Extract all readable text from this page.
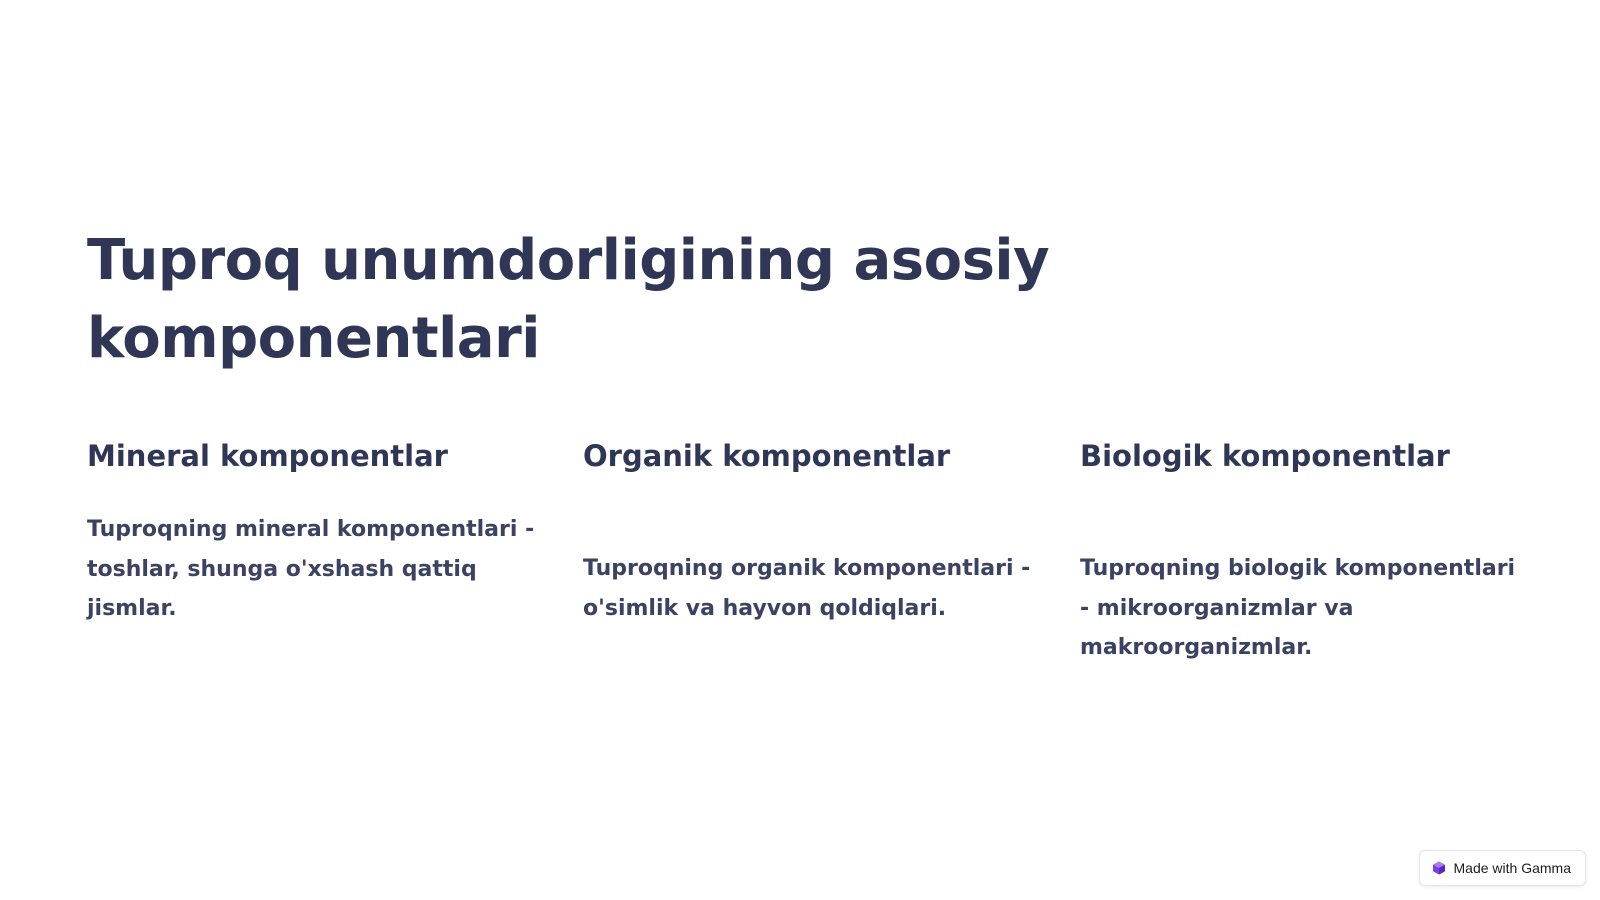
Tuproq unumdorligining asosiy komponentlari
Mineral komponentlar

Tuproqning mineral komponentlari - toshlar, shunga o'xshash qattiq jismlar.

Organik komponentlar

Tuproqning organik komponentlari - o'simlik va hayvon qoldiqlari.

Biologik komponentlar

Tuproqning biologik komponentlari - mikroorganizmlar va makroorganizmlar.

Made with Gamma
